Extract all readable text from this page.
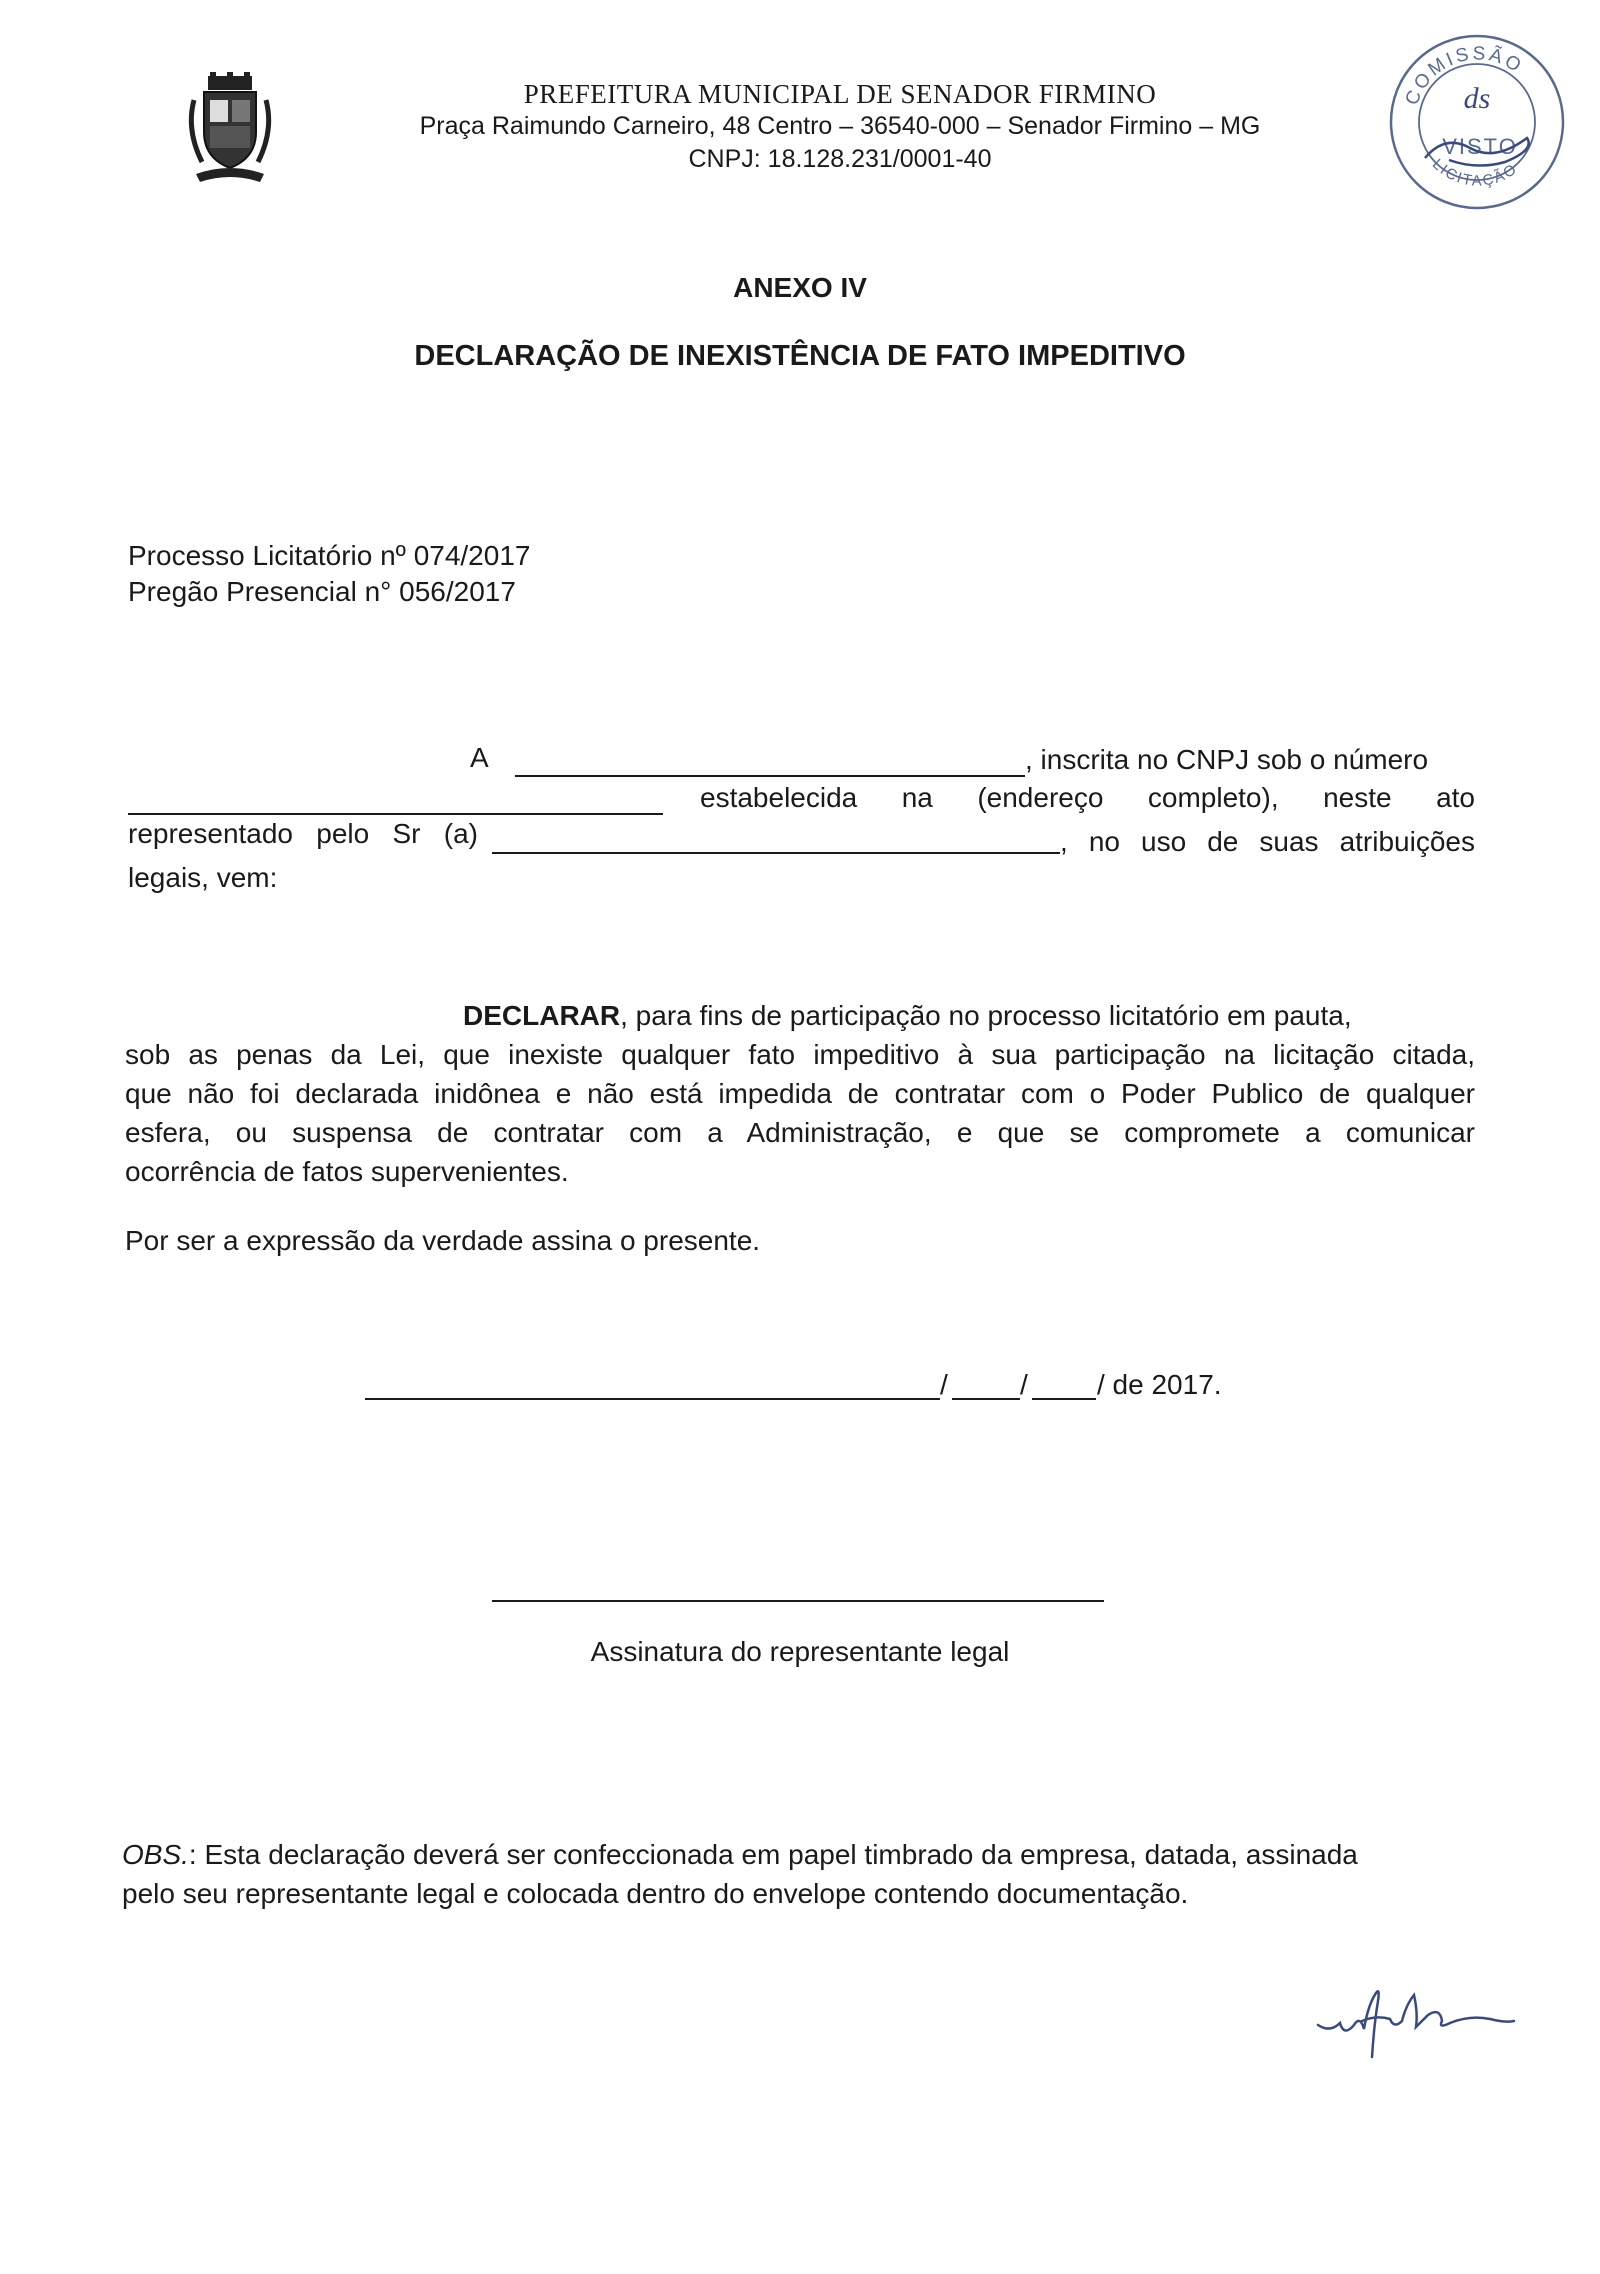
PREFEITURA MUNICIPAL DE SENADOR FIRMINO
Praça Raimundo Carneiro, 48 Centro – 36540-000 – Senador Firmino – MG
CNPJ: 18.128.231/0001-40
COMISSÃO
LICITAÇÃO
ds
VISTO
ANEXO IV
DECLARAÇÃO DE INEXISTÊNCIA DE FATO IMPEDITIVO
Processo Licitatório nº 074/2017
Pregão Presencial n° 056/2017
A	, inscrita no CNPJ sob o número
estabelecida na (endereço completo), neste ato
representado pelo Sr (a)	, no uso de suas atribuições
legais, vem:
DECLARAR, para fins de participação no processo licitatório em pauta,
sob as penas da Lei, que inexiste qualquer fato impeditivo à sua participação na licitação citada,
que não foi declarada inidônea e não está impedida de contratar com o Poder Publico de qualquer
esfera, ou suspensa de contratar com a Administração, e que se compromete a comunicar
ocorrência de fatos supervenientes.
Por ser a expressão da verdade assina o presente.
/	/ / de 2017.
Assinatura do representante legal
OBS.: Esta declaração deverá ser confeccionada em papel timbrado da empresa, datada, assinada
pelo seu representante legal e colocada dentro do envelope contendo documentação.
